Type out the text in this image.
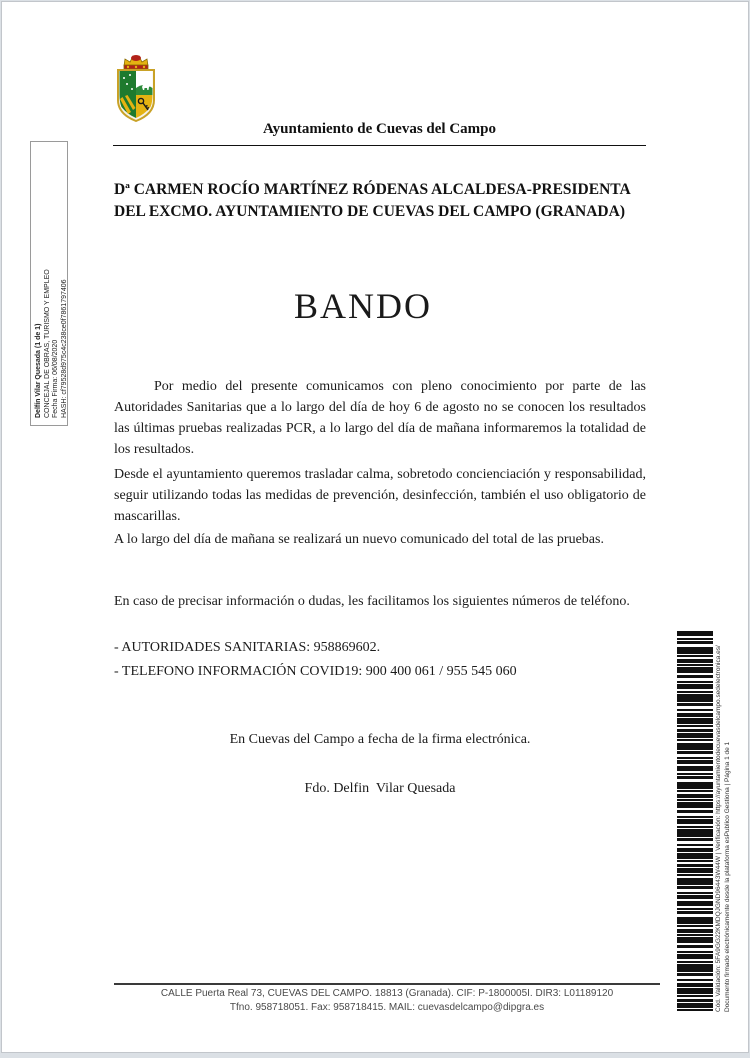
Delfín Vilar Quesada (1 de 1) CONCEJAL DE OBRAS, TURISMO Y EMPLEO Fecha Firma: 06/08/2020 HASH: cf79528d975c4c238ce0f7861797406
Ayuntamiento de Cuevas del Campo
Dª CARMEN ROCÍO MARTÍNEZ RÓDENAS ALCALDESA-PRESIDENTA DEL EXCMO. AYUNTAMIENTO DE CUEVAS DEL CAMPO (GRANADA)
BANDO

Por medio del presente comunicamos con pleno conocimiento por parte de las Autoridades Sanitarias que a lo largo del día de hoy 6 de agosto no se conocen los resultados las últimas pruebas realizadas PCR, a lo largo del día de mañana informaremos la totalidad de los resultados.

Desde el ayuntamiento queremos trasladar calma, sobretodo concienciación y responsabilidad, seguir utilizando todas las medidas de prevención, desinfección, también el uso obligatorio de mascarillas.

A lo largo del día de mañana se realizará un nuevo comunicado del total de las pruebas.

En caso de precisar información o dudas, les facilitamos los siguientes números de teléfono.

- AUTORIDADES SANITARIAS: 958869602.

- TELEFONO INFORMACIÓN COVID19: 900 400 061 / 955 545 060

En Cuevas del Campo a fecha de la firma electrónica.

Fdo. Delfin  Vilar Quesada

CALLE Puerta Real 73, CUEVAS DEL CAMPO. 18813 (Granada). CIF: P-1800005I. DIR3: L01189120
Tfno. 958718051. Fax: 958718415. MAIL: cuevasdelcampo@dipgra.es	Cód. Validación: 5FA9GG22KMDQJGND96443W44W | Verificación: https://ayuntamientodecuevasdelcampo.sedelectronica.es/ Documento firmado electrónicamente desde la plataforma esPublico Gestiona | Página 1 de 1
